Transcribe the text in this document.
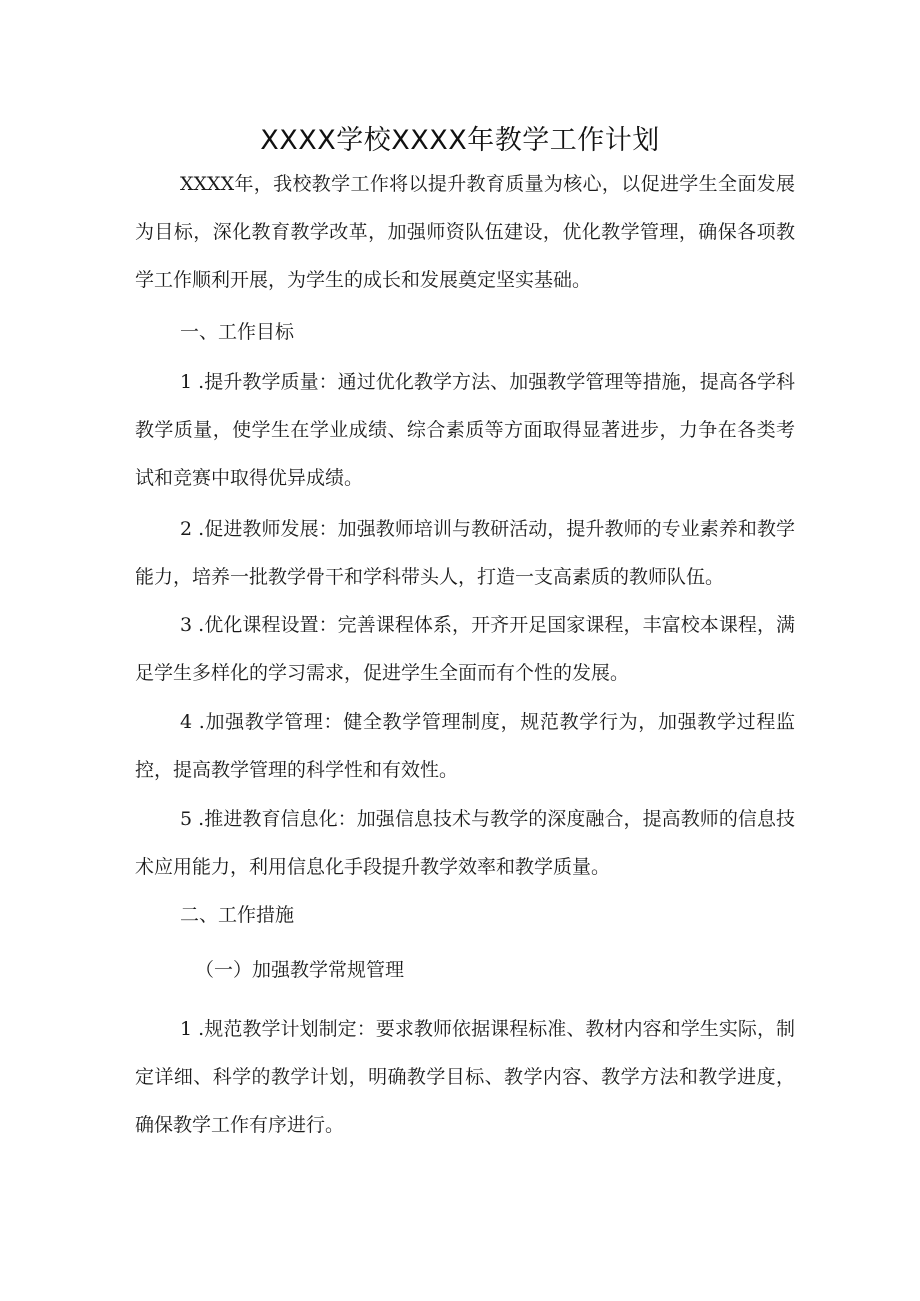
XXXX学校XXXX年教学工作计划

XXXX年，我校教学工作将以提升教育质量为核心，以促进学生全面发展为目标，深化教育教学改革，加强师资队伍建设，优化教学管理，确保各项教学工作顺利开展，为学生的成长和发展奠定坚实基础。

一、工作目标

1 .提升教学质量：通过优化教学方法、加强教学管理等措施，提高各学科教学质量，使学生在学业成绩、综合素质等方面取得显著进步，力争在各类考试和竞赛中取得优异成绩。

2 .促进教师发展：加强教师培训与教研活动，提升教师的专业素养和教学能力，培养一批教学骨干和学科带头人，打造一支高素质的教师队伍。

3 .优化课程设置：完善课程体系，开齐开足国家课程，丰富校本课程，满足学生多样化的学习需求，促进学生全面而有个性的发展。

4 .加强教学管理：健全教学管理制度，规范教学行为，加强教学过程监控，提高教学管理的科学性和有效性。

5 .推进教育信息化：加强信息技术与教学的深度融合，提高教师的信息技术应用能力，利用信息化手段提升教学效率和教学质量。

二、工作措施

（一）加强教学常规管理

1 .规范教学计划制定：要求教师依据课程标准、教材内容和学生实际，制定详细、科学的教学计划，明确教学目标、教学内容、教学方法和教学进度，确保教学工作有序进行。
